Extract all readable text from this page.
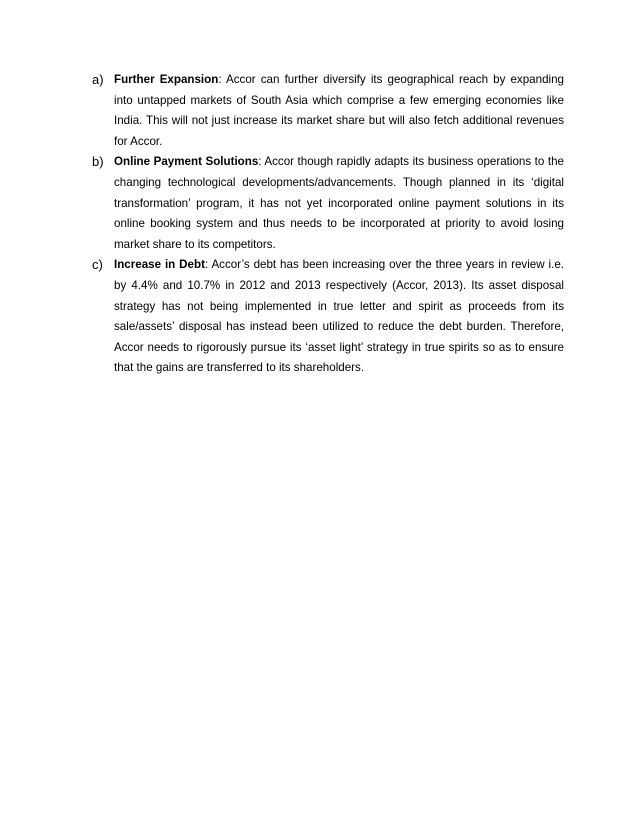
a) Further Expansion: Accor can further diversify its geographical reach by expanding into untapped markets of South Asia which comprise a few emerging economies like India. This will not just increase its market share but will also fetch additional revenues for Accor.

b) Online Payment Solutions: Accor though rapidly adapts its business operations to the changing technological developments/advancements. Though planned in its ‘digital transformation’ program, it has not yet incorporated online payment solutions in its online booking system and thus needs to be incorporated at priority to avoid losing market share to its competitors.

c) Increase in Debt: Accor’s debt has been increasing over the three years in review i.e. by 4.4% and 10.7% in 2012 and 2013 respectively (Accor, 2013). Its asset disposal strategy has not being implemented in true letter and spirit as proceeds from its sale/assets’ disposal has instead been utilized to reduce the debt burden. Therefore, Accor needs to rigorously pursue its ‘asset light’ strategy in true spirits so as to ensure that the gains are transferred to its shareholders.
